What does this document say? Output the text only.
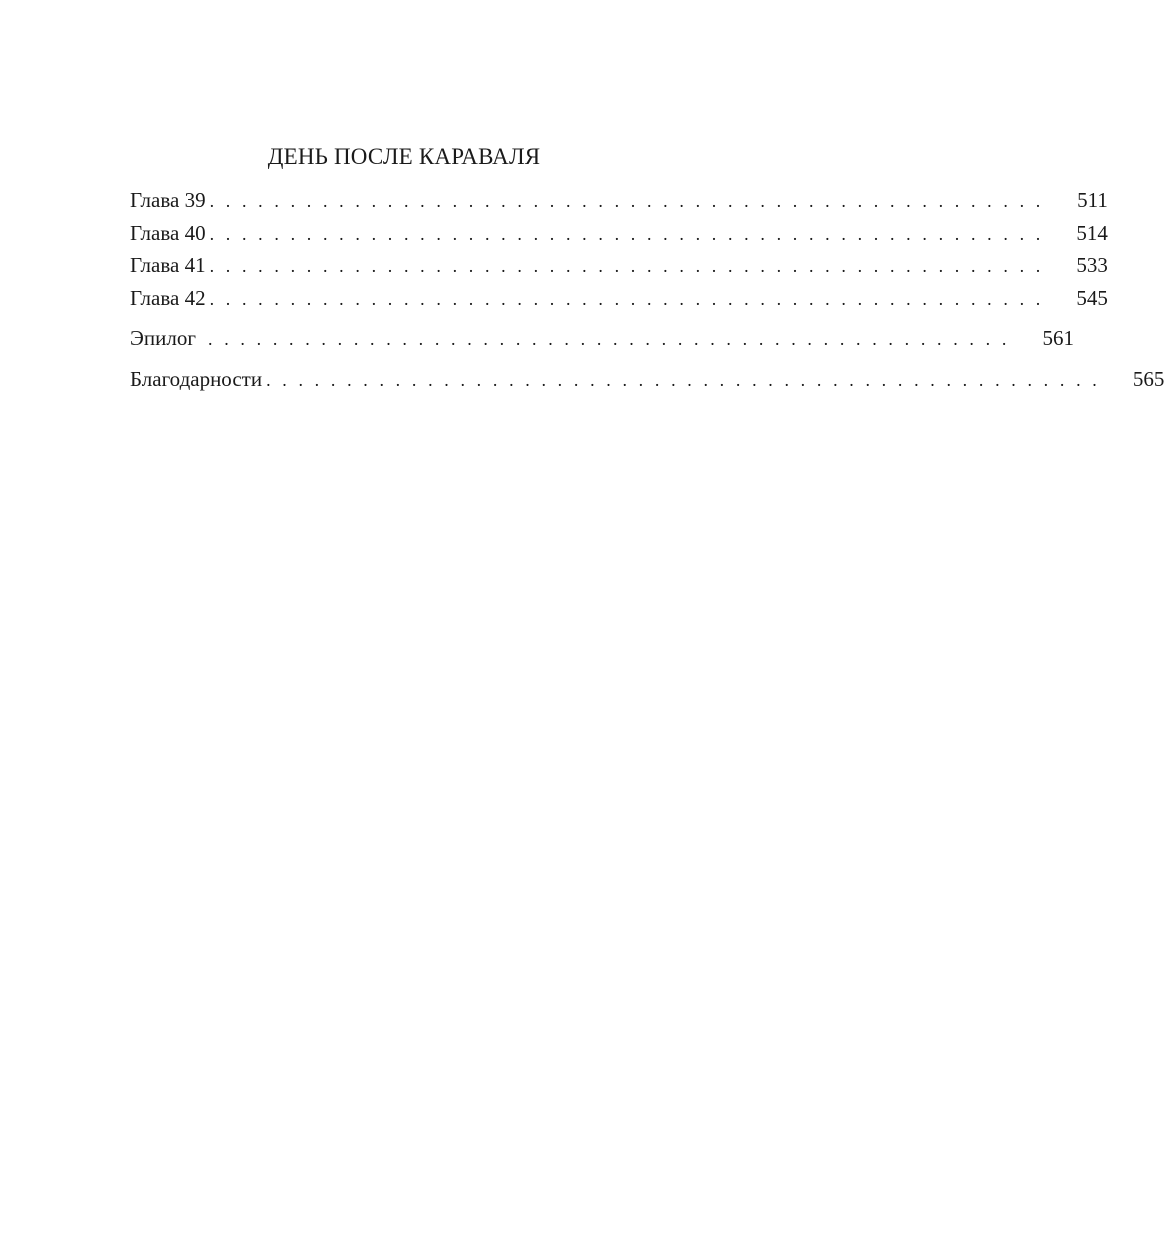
ДЕНЬ ПОСЛЕ КАРАВАЛЯ
Глава 39 . . . . . . . . . . . . . . . . . . . . . . . . . . . . . . . . . . . . . . . . . . . . . . . . . . . . 511
Глава 40 . . . . . . . . . . . . . . . . . . . . . . . . . . . . . . . . . . . . . . . . . . . . . . . . . . . . 514
Глава 41 . . . . . . . . . . . . . . . . . . . . . . . . . . . . . . . . . . . . . . . . . . . . . . . . . . . . 533
Глава 42 . . . . . . . . . . . . . . . . . . . . . . . . . . . . . . . . . . . . . . . . . . . . . . . . . . . . 545
Эпилог . . . . . . . . . . . . . . . . . . . . . . . . . . . . . . . . . . . . . . . . . . . . . . . . . . 561
Благодарности . . . . . . . . . . . . . . . . . . . . . . . . . . . . . . . . . . . . . . . . . . . . . . . . . . . . 565
